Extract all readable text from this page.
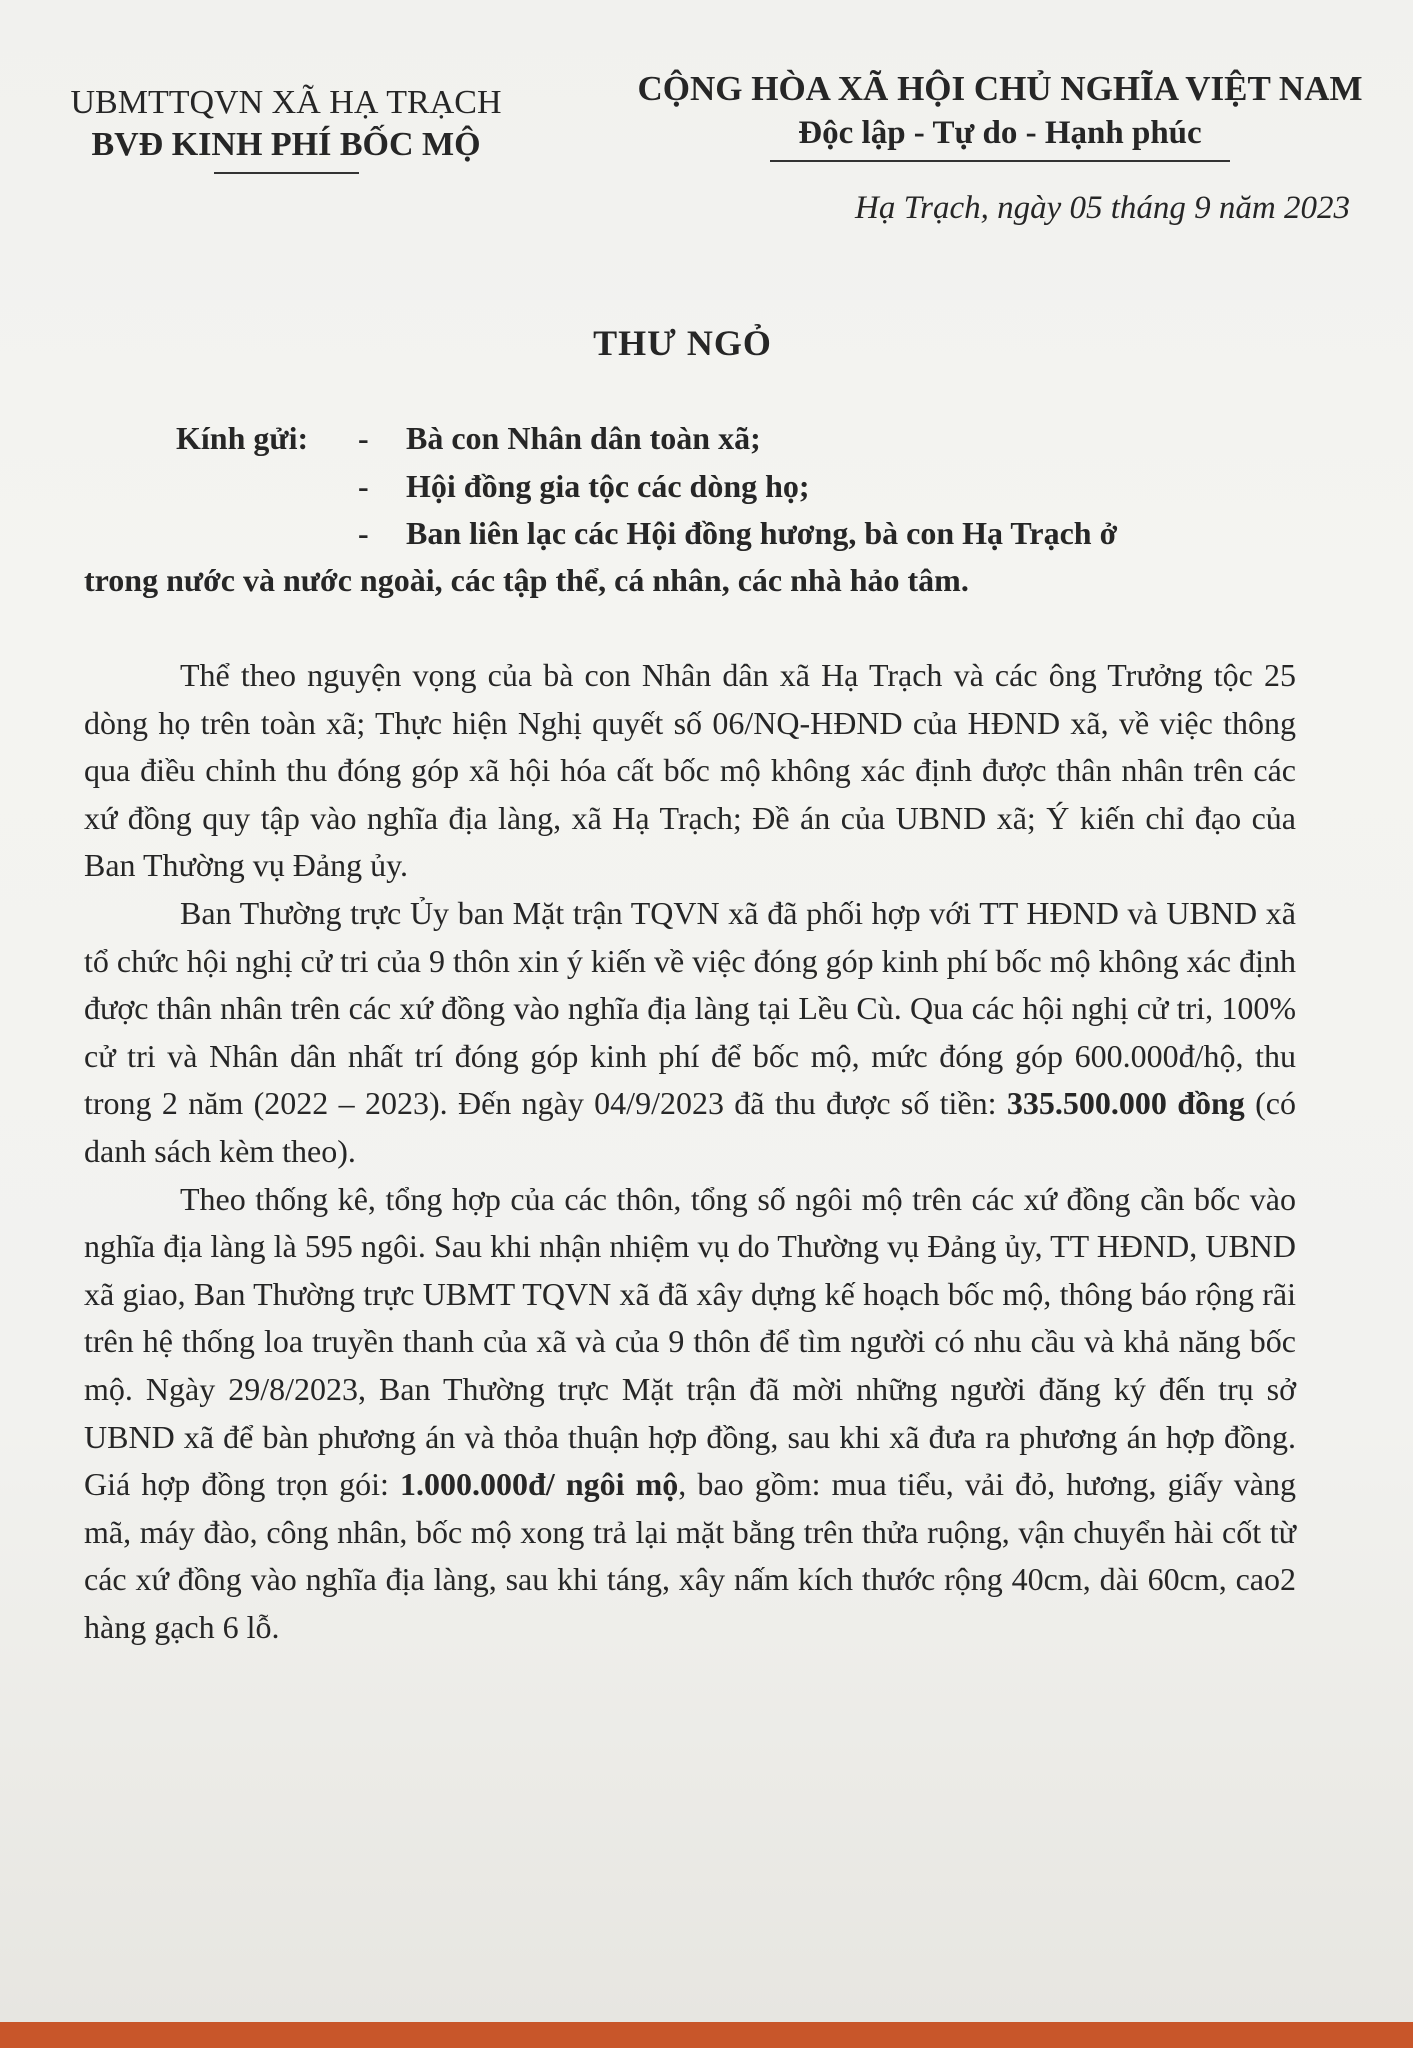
UBMTTQVN XÃ HẠ TRẠCH
BVĐ KINH PHÍ BỐC MỘ
CỘNG HÒA XÃ HỘI CHỦ NGHĨA VIỆT NAM
Độc lập - Tự do - Hạnh phúc
Hạ Trạch, ngày 05 tháng 9 năm 2023
THƯ NGỎ
Kính gửi: - Bà con Nhân dân toàn xã;
- Hội đồng gia tộc các dòng họ;
- Ban liên lạc các Hội đồng hương, bà con Hạ Trạch ở
trong nước và nước ngoài, các tập thể, cá nhân, các nhà hảo tâm.

Thể theo nguyện vọng của bà con Nhân dân xã Hạ Trạch và các ông Trưởng tộc 25 dòng họ trên toàn xã; Thực hiện Nghị quyết số 06/NQ-HĐND của HĐND xã, về việc thông qua điều chỉnh thu đóng góp xã hội hóa cất bốc mộ không xác định được thân nhân trên các xứ đồng quy tập vào nghĩa địa làng, xã Hạ Trạch; Đề án của UBND xã; Ý kiến chỉ đạo của Ban Thường vụ Đảng ủy.

Ban Thường trực Ủy ban Mặt trận TQVN xã đã phối hợp với TT HĐND và UBND xã tổ chức hội nghị cử tri của 9 thôn xin ý kiến về việc đóng góp kinh phí bốc mộ không xác định được thân nhân trên các xứ đồng vào nghĩa địa làng tại Lều Cù. Qua các hội nghị cử tri, 100% cử tri và Nhân dân nhất trí đóng góp kinh phí để bốc mộ, mức đóng góp 600.000đ/hộ, thu trong 2 năm (2022 – 2023). Đến ngày 04/9/2023 đã thu được số tiền: 335.500.000 đồng (có danh sách kèm theo).

Theo thống kê, tổng hợp của các thôn, tổng số ngôi mộ trên các xứ đồng cần bốc vào nghĩa địa làng là 595 ngôi. Sau khi nhận nhiệm vụ do Thường vụ Đảng ủy, TT HĐND, UBND xã giao, Ban Thường trực UBMT TQVN xã đã xây dựng kế hoạch bốc mộ, thông báo rộng rãi trên hệ thống loa truyền thanh của xã và của 9 thôn để tìm người có nhu cầu và khả năng bốc mộ. Ngày 29/8/2023, Ban Thường trực Mặt trận đã mời những người đăng ký đến trụ sở UBND xã để bàn phương án và thỏa thuận hợp đồng, sau khi xã đưa ra phương án hợp đồng. Giá hợp đồng trọn gói: 1.000.000đ/ ngôi mộ, bao gồm: mua tiểu, vải đỏ, hương, giấy vàng mã, máy đào, công nhân, bốc mộ xong trả lại mặt bằng trên thửa ruộng, vận chuyển hài cốt từ các xứ đồng vào nghĩa địa làng, sau khi táng, xây nấm kích thước rộng 40cm, dài 60cm, cao2 hàng gạch 6 lỗ.
